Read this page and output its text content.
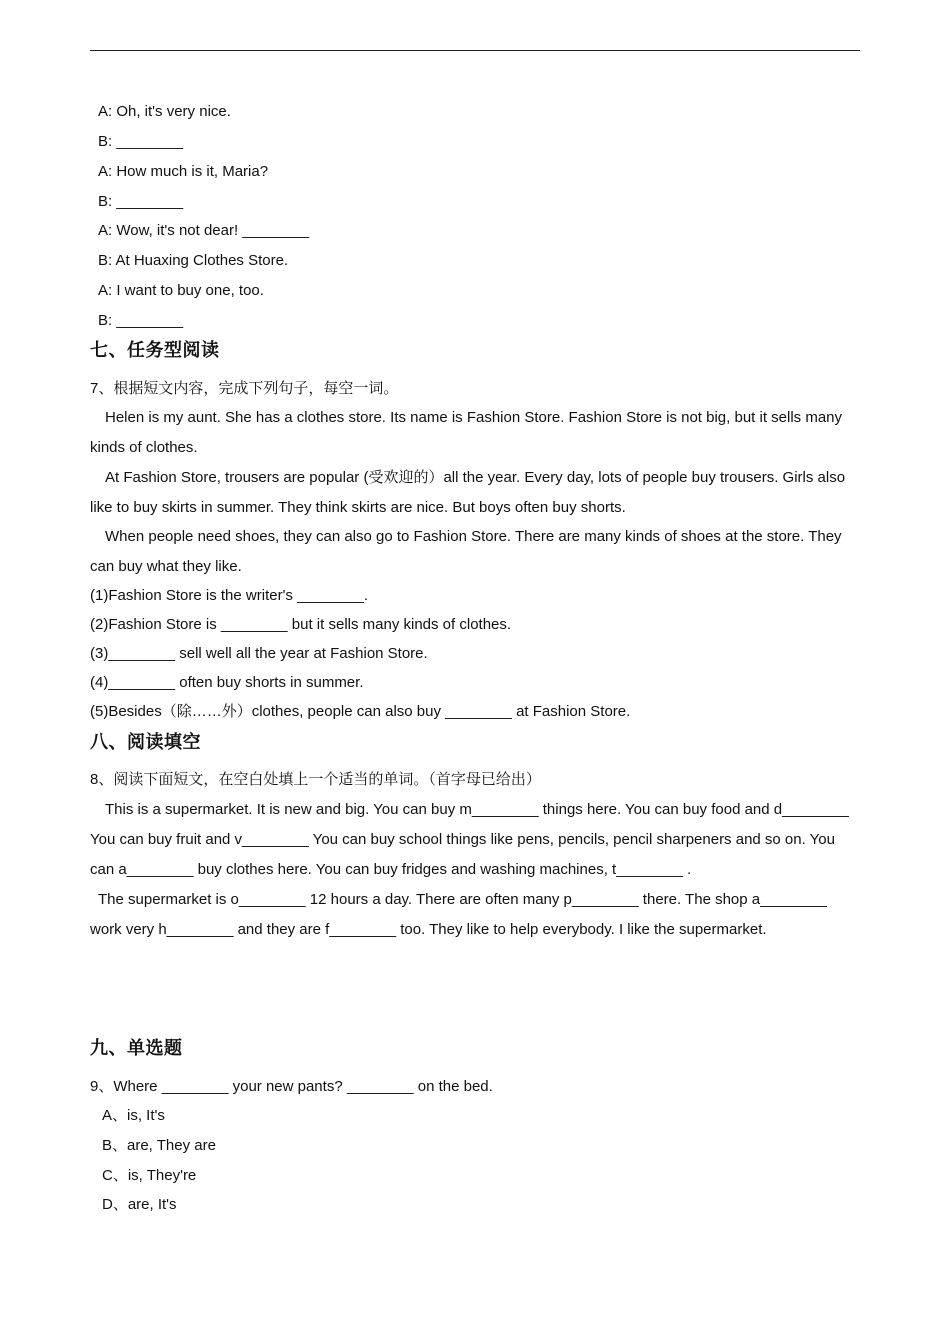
A: Oh, it's very nice.
B: ________
A: How much is it, Maria?
B: ________
A: Wow, it's not dear! ________
B: At Huaxing Clothes Store.
A: I want to buy one, too.
B: ________
七、任务型阅读
7、根据短文内容，完成下列句子，每空一词。
Helen is my aunt. She has a clothes store. Its name is Fashion Store. Fashion Store is not big, but it sells many kinds of clothes.
At Fashion Store, trousers are popular (受欢迎的）all the year. Every day, lots of people buy trousers. Girls also like to buy skirts in summer. They think skirts are nice. But boys often buy shorts.
When people need shoes, they can also go to Fashion Store. There are many kinds of shoes at the store. They can buy what they like.
(1)Fashion Store is the writer's ________.
(2)Fashion Store is ________ but it sells many kinds of clothes.
(3)________ sell well all the year at Fashion Store.
(4)________ often buy shorts in summer.
(5)Besides（除……外）clothes, people can also buy ________ at Fashion Store.
八、阅读填空
8、阅读下面短文，在空白处填上一个适当的单词。（首字母已给出）
This is a supermarket. It is new and big. You can buy m________ things here. You can buy food and d________ You can buy fruit and v________ You can buy school things like pens, pencils, pencil sharpeners and so on. You can a________ buy clothes here. You can buy fridges and washing machines, t________ .
The supermarket is o________ 12 hours a day. There are often many p________ there. The shop a________ work very h________ and they are f________ too. They like to help everybody. I like the supermarket.
九、单选题
9、Where ________ your new pants? ________ on the bed.
A、is, It's
B、are, They are
C、is, They're
D、are, It's
